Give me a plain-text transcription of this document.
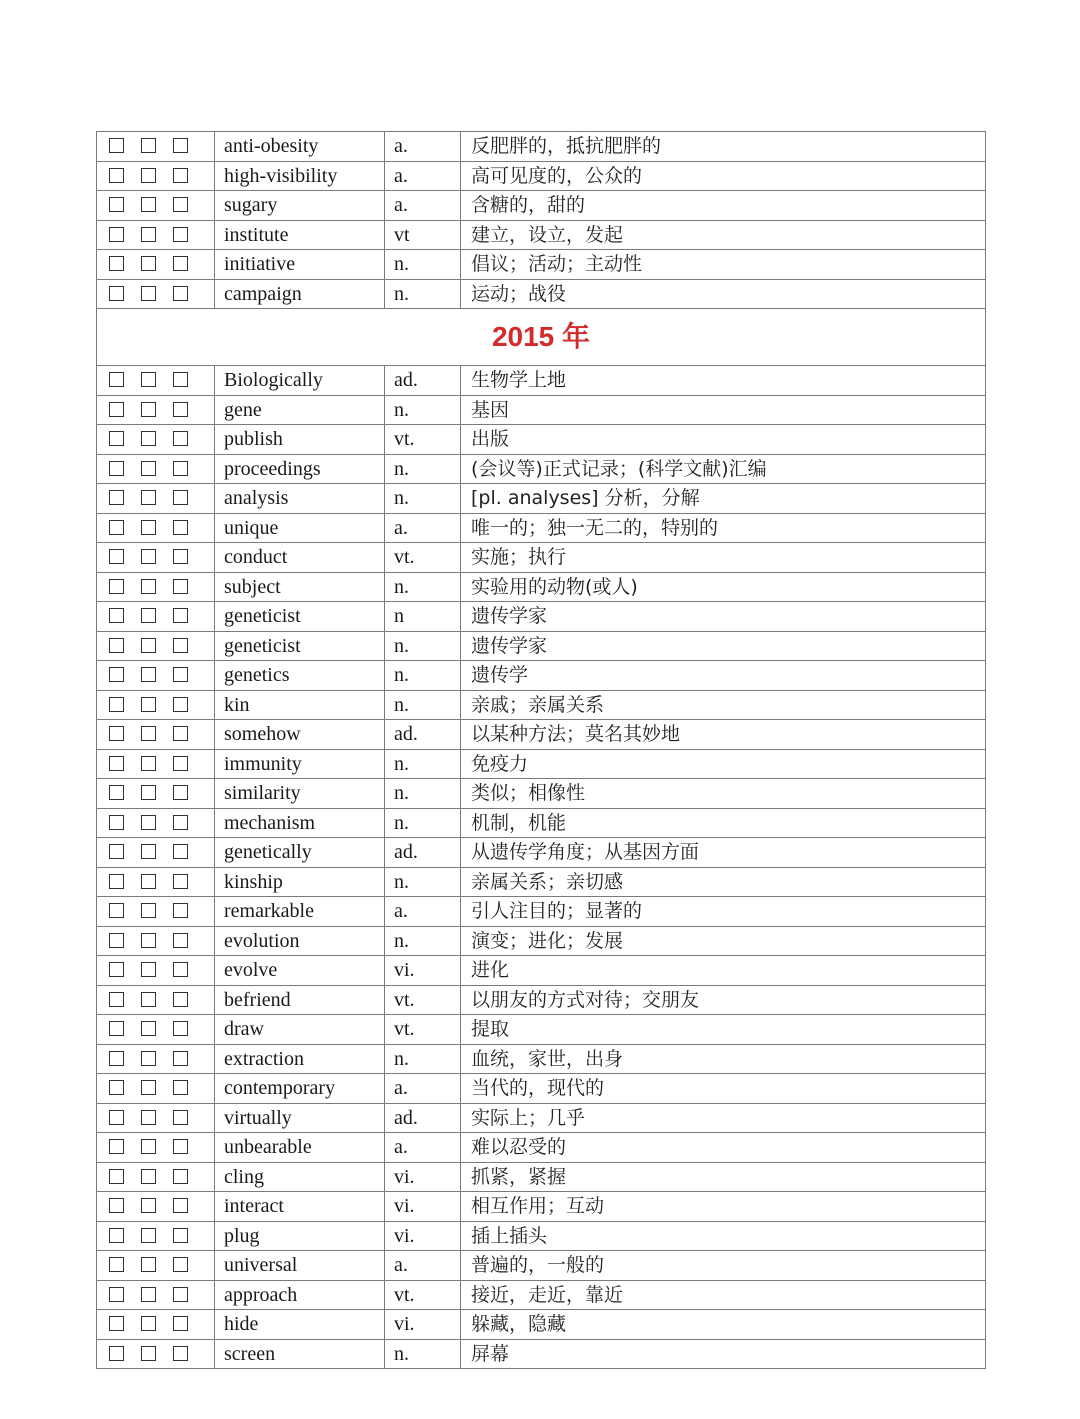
	anti-obesity	a.	反肥胖的，抵抗肥胖的
	high-visibility	a.	高可见度的，公众的
	sugary	a.	含糖的，甜的
	institute	vt	建立，设立，发起
	initiative	n.	倡议；活动；主动性
	campaign	n.	运动；战役
2015 年			
	Biologically	ad.	生物学上地
	gene	n.	基因
	publish	vt.	出版
	proceedings	n.	(会议等)正式记录；(科学文献)汇编
	analysis	n.	[pl. analyses] 分析，分解
	unique	a.	唯一的；独一无二的，特别的
	conduct	vt.	实施；执行
	subject	n.	实验用的动物(或人)
	geneticist	n	遗传学家
	geneticist	n.	遗传学家
	genetics	n.	遗传学
	kin	n.	亲戚；亲属关系
	somehow	ad.	以某种方法；莫名其妙地
	immunity	n.	免疫力
	similarity	n.	类似；相像性
	mechanism	n.	机制，机能
	genetically	ad.	从遗传学角度；从基因方面
	kinship	n.	亲属关系；亲切感
	remarkable	a.	引人注目的；显著的
	evolution	n.	演变；进化；发展
	evolve	vi.	进化
	befriend	vt.	以朋友的方式对待；交朋友
	draw	vt.	提取
	extraction	n.	血统，家世，出身
	contemporary	a.	当代的，现代的
	virtually	ad.	实际上；几乎
	unbearable	a.	难以忍受的
	cling	vi.	抓紧，紧握
	interact	vi.	相互作用；互动
	plug	vi.	插上插头
	universal	a.	普遍的，一般的
	approach	vt.	接近，走近，靠近
	hide	vi.	躲藏，隐藏
	screen	n.	屏幕
